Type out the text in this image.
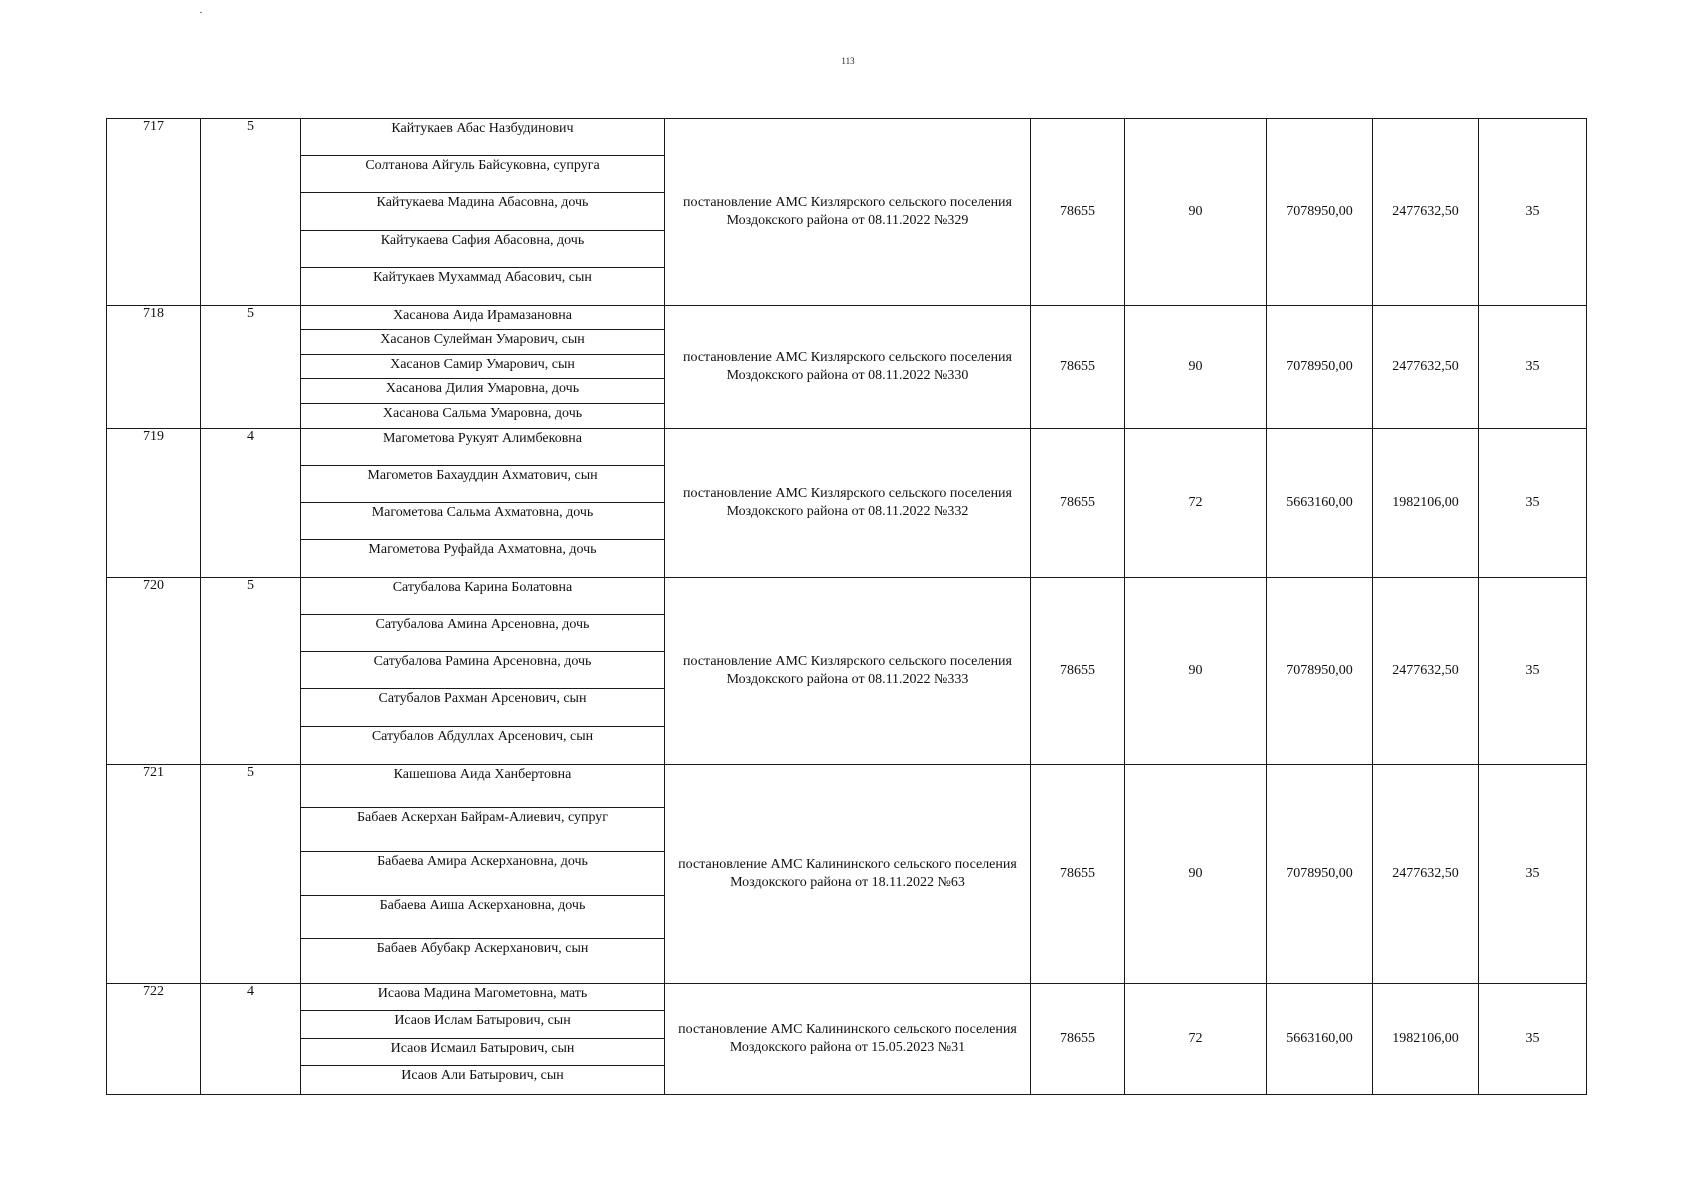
113
717	5	Кайтукаев Абас Назбудинович
Солтанова Айгуль Байсуковна, супруга
Кайтукаева Мадина Абасовна, дочь
Кайтукаева Сафия Абасовна, дочь
Кайтукаев Мухаммад Абасович, сын	постановление АМС Кизлярского сельского поселения Моздокского района от 08.11.2022 №329	78655	90	7078950,00	2477632,50	35
718	5	Хасанова Аида Ирамазановна
Хасанов Сулейман Умарович, сын
Хасанов Самир Умарович, сын
Хасанова Дилия Умаровна, дочь
Хасанова Сальма Умаровна, дочь	постановление АМС Кизлярского сельского поселения Моздокского района от 08.11.2022 №330	78655	90	7078950,00	2477632,50	35
719	4	Магометова Рукуят Алимбековна
Магометов Бахауддин Ахматович, сын
Магометова Сальма Ахматовна, дочь
Магометова Руфайда Ахматовна, дочь	постановление АМС Кизлярского сельского поселения Моздокского района от 08.11.2022 №332	78655	72	5663160,00	1982106,00	35
720	5	Сатубалова Карина Болатовна
Сатубалова Амина Арсеновна, дочь
Сатубалова Рамина Арсеновна, дочь
Сатубалов Рахман Арсенович, сын
Сатубалов Абдуллах Арсенович, сын	постановление АМС Кизлярского сельского поселения Моздокского района от 08.11.2022 №333	78655	90	7078950,00	2477632,50	35
721	5	Кашешова Аида Ханбертовна
Бабаев Аскерхан Байрам-Алиевич, супруг
Бабаева Амира Аскерхановна, дочь
Бабаева Аиша Аскерхановна, дочь
Бабаев Абубакр Аскерханович, сын	постановление АМС Калининского сельского поселения Моздокского района от 18.11.2022 №63	78655	90	7078950,00	2477632,50	35
722	4	Исаова Мадина Магометовна, мать
Исаов Ислам Батырович, сын
Исаов Исмаил Батырович, сын
Исаов Али Батырович, сын	постановление АМС Калининского сельского поселения Моздокского района от 15.05.2023 №31	78655	72	5663160,00	1982106,00	35
